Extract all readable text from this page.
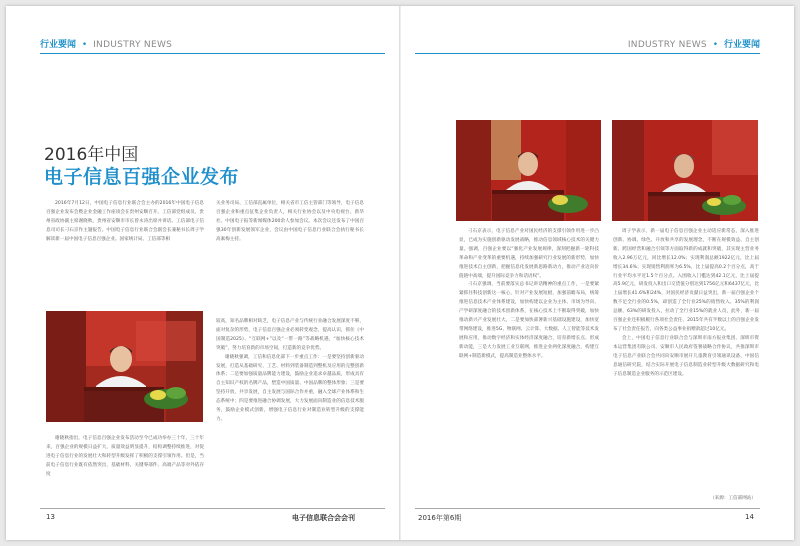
行业要闻 • INDUSTRY NEWS
2016年中国
电子信息百强企业发布

2016年7月12日，中国电子信息行业联合会主办的2016年中国电子信息百强企业发布会暨企业金融工作座谈会在贵州安顺召开。工信部党组成员、贵州省政协副主席谢晓秋，贵州省安顺市市长曾永涛出席并讲话。工信部电子信息司司长刁石京作主题报告。中国电子信息行业联合会副会长兼秘书长周子学解读新一届中国电子信息百强企业。国家统计局、工信部等相

关业务司局、工信部直属单位，相关省市工信主管部门等领导，电子信息百强企业和重点征集企业负责人，相关行业协会以及中央电视台、新华社、中国电子报等新闻媒体200余人参加会议。本次会议还发布了中国百强30年创新发展领军企业，会议由中国电子信息行业联合会执行秘书长高素梅主持。

较高，知名品牌相对缺乏，电子信息产业与传统行业融合发展深度不够，面对复杂的形势，电子信息百强企业必须转变观念，提高认识，抓住《中国制造2025》、“互联网+”以及“一带一路”等战略机遇，“加快核心技术突破”，努力培育新的市场空间，打造新的竞争优势。

谢晓秋强调，工信和信息化部下一步重点工作：一是要坚持创新驱动发展，打造从基础研究、工艺、材料到装备制造到整机及应用的完整创新体系；二是要加强质量品牌能力建设，鼓励企业追求卓越品质，形成具有自主知识产权的名牌产品，塑造中国质量、中国品牌的整体形象；三是要坚持开放，共享发展，自主发展与国际合作并重，融入全球产业体系和生态系统中；四是要推进融合协调发展，大力发展面向制造业的信息技术服务，鼓励企业模式创新，增强电子信息行业对制造业转型升级的支撑能力。

谢晓秋指出，电子信息百强企业发布活动至今已成功举办三十年，三十年来，百强企业的规模日益扩大，质量效益明显提升，结构调整持续推进，对促进电子信息行业的发展壮大和转型升级发挥了积极的支撑引领作用。但是，当前电子信息行业既有依然突出，基础材料、关键零部件、高端产品等对外依存度

13	电子信息联合会会刊
INDUSTRY NEWS • 行业要闻

刁石京表示，电子信息产业对国民经济的支撑引领作用进一步凸显，已成为实施创新驱动发展战略，推动信息领域核心技术的关键力量。强调，百强企业要以“强化产业发展规律，深刻把握新一轮科技革命和产业变革的重要机遇，持续加强研究行业发展的新形势，加快推进技术自主创新，把握信息化发展新思路新动力，推动产业迈向价值链中高端，提升国际竞争力和话语权”。

刁石京强调，当前要落实总书记讲话精神的重点工作，一是要紧紧抓住科技创新这一核心，针对产业发展短板，加强前瞻布局，统筹推进信息技术产业体系建设，加快构建以企业为主体、市场为导向、产学研深度融合的技术创新体系，在核心技术上不断取得突破，加快推动新兴产业发展壮大。二是要加快部署新兴基础设施建设，加快宽带网络建设，推进5G、物联网、云计算、大数据、人工智能等技术发展和应用，推动数字经济和实体经济深度融合，培育新增长点、形成新动能，三是大力发展工业互联网，推进企业两化深度融合，构建互联网+制造新模式，提高制造业整体水平。

周子学表示，新一届电子信息百强企业主动适应新常态，深入推进创新、协调、绿色、开放和共享的发展理念，不断在规模效益、自主创新、跨国经营和融合引领等方面取得新的成就和突破，其实现主营业务收入2.96万亿元，同比增长12.0%；实现利润总额1922亿元，比上届增长34.6%；实现销售利润率为6.5%，比上届提高0.2个百分点，高于行业平均水平近1.5个百分点。入围收入门槛达到42.1亿元，比上届提高5.9亿元，研发投入和出口交货值分别达到1756亿元和6437亿元，比上届增长41.6%和24%，对国民经济贡献日益突出，新一届百强企业个数不足全行业的0.5%，却创造了全行业25%的销售收入、35%的利润总额、63%的研发投入，拉动了全行业15%的就业人员，此外，新一届百强企业还积极履行各项社会责任，2015年共有半数以上的百强企业发布了社会责任报告，向各类公益事业捐赠款超过10亿元。

会上，中国电子信息行业联合会与深圳市南方报业集团、深圳市资本运营集团有限公司、安顺市人民政府签署战略合作协议，共推深圳市电子信息产业联合会共同向安顺市展开儿童教育引领通讯设备、中国信息通信研究院，结合实际开展电子信息制造业转型升级大数据研究和电子信息制造企业服务的示范区建设。

（来源：工信部网站）
2016年第6期	14
